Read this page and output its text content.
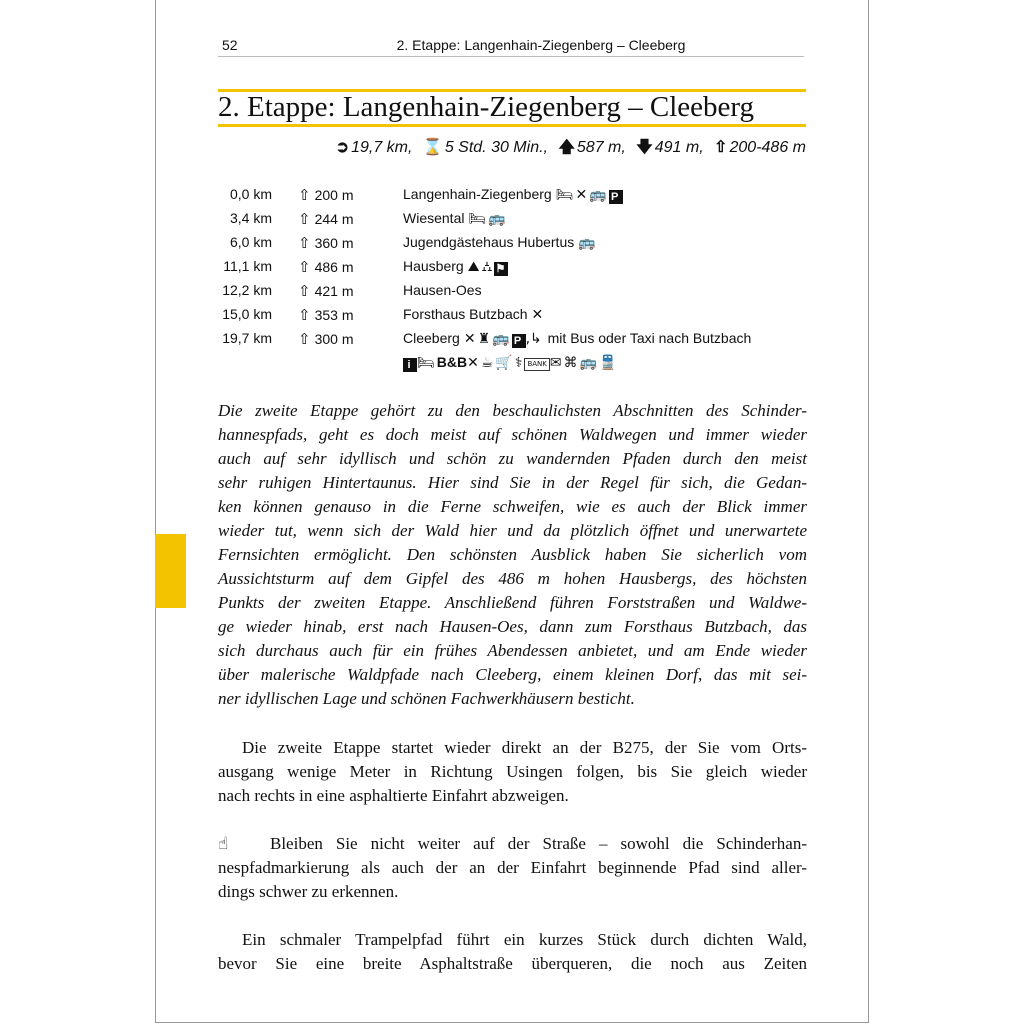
52	2. Etappe: Langenhain-Ziegenberg – Cleeberg
2. Etappe: Langenhain-Ziegenberg – Cleeberg
➲ 19,7 km, ⌛ 5 Std. 30 Min., 🡅 587 m, 🡇 491 m, ⇧ 200-486 m
0,0 km ⇧ 200 m	Langenhain-Ziegenberg 🛏✕🚌 P
3,4 km ⇧ 244 m	Wiesental 🛏🚌
6,0 km ⇧ 360 m	Jugendgästehaus Hubertus 🚌
11,1 km ⇧ 486 m	Hausberg ⛰⛼⚑
12,2 km ⇧ 421 m	Hausen-Oes
15,0 km ⇧ 353 m	Forsthaus Butzbach ✕
19,7 km ⇧ 300 m	Cleeberg ✕♜🚌 P ,↳ mit Bus oder Taxi nach Butzbach
i 🛏B&B✕☕🛒⚕ BANK ✉⌘🚌🚆
Die zweite Etappe gehört zu den beschaulichsten Abschnitten des Schinder-
hannespfads, geht es doch meist auf schönen Waldwegen und immer wieder
auch auf sehr idyllisch und schön zu wandernden Pfaden durch den meist
sehr ruhigen Hintertaunus. Hier sind Sie in der Regel für sich, die Gedan-
ken können genauso in die Ferne schweifen, wie es auch der Blick immer
wieder tut, wenn sich der Wald hier und da plötzlich öffnet und unerwartete
Fernsichten ermöglicht. Den schönsten Ausblick haben Sie sicherlich vom
Aussichtsturm auf dem Gipfel des 486 m hohen Hausbergs, des höchsten
Punkts der zweiten Etappe. Anschließend führen Forststraßen und Waldwe-
ge wieder hinab, erst nach Hausen-Oes, dann zum Forsthaus Butzbach, das
sich durchaus auch für ein frühes Abendessen anbietet, und am Ende wieder
über malerische Waldpfade nach Cleeberg, einem kleinen Dorf, das mit sei-
ner idyllischen Lage und schönen Fachwerkhäusern besticht.
Die zweite Etappe startet wieder direkt an der B275, der Sie vom Orts-
ausgang wenige Meter in Richtung Usingen folgen, bis Sie gleich wieder
nach rechts in eine asphaltierte Einfahrt abzweigen.
☝ Bleiben Sie nicht weiter auf der Straße – sowohl die Schinderhan-
nespfadmarkierung als auch der an der Einfahrt beginnende Pfad sind aller-
dings schwer zu erkennen.
Ein schmaler Trampelpfad führt ein kurzes Stück durch dichten Wald,
bevor Sie eine breite Asphaltstraße überqueren, die noch aus Zeiten
